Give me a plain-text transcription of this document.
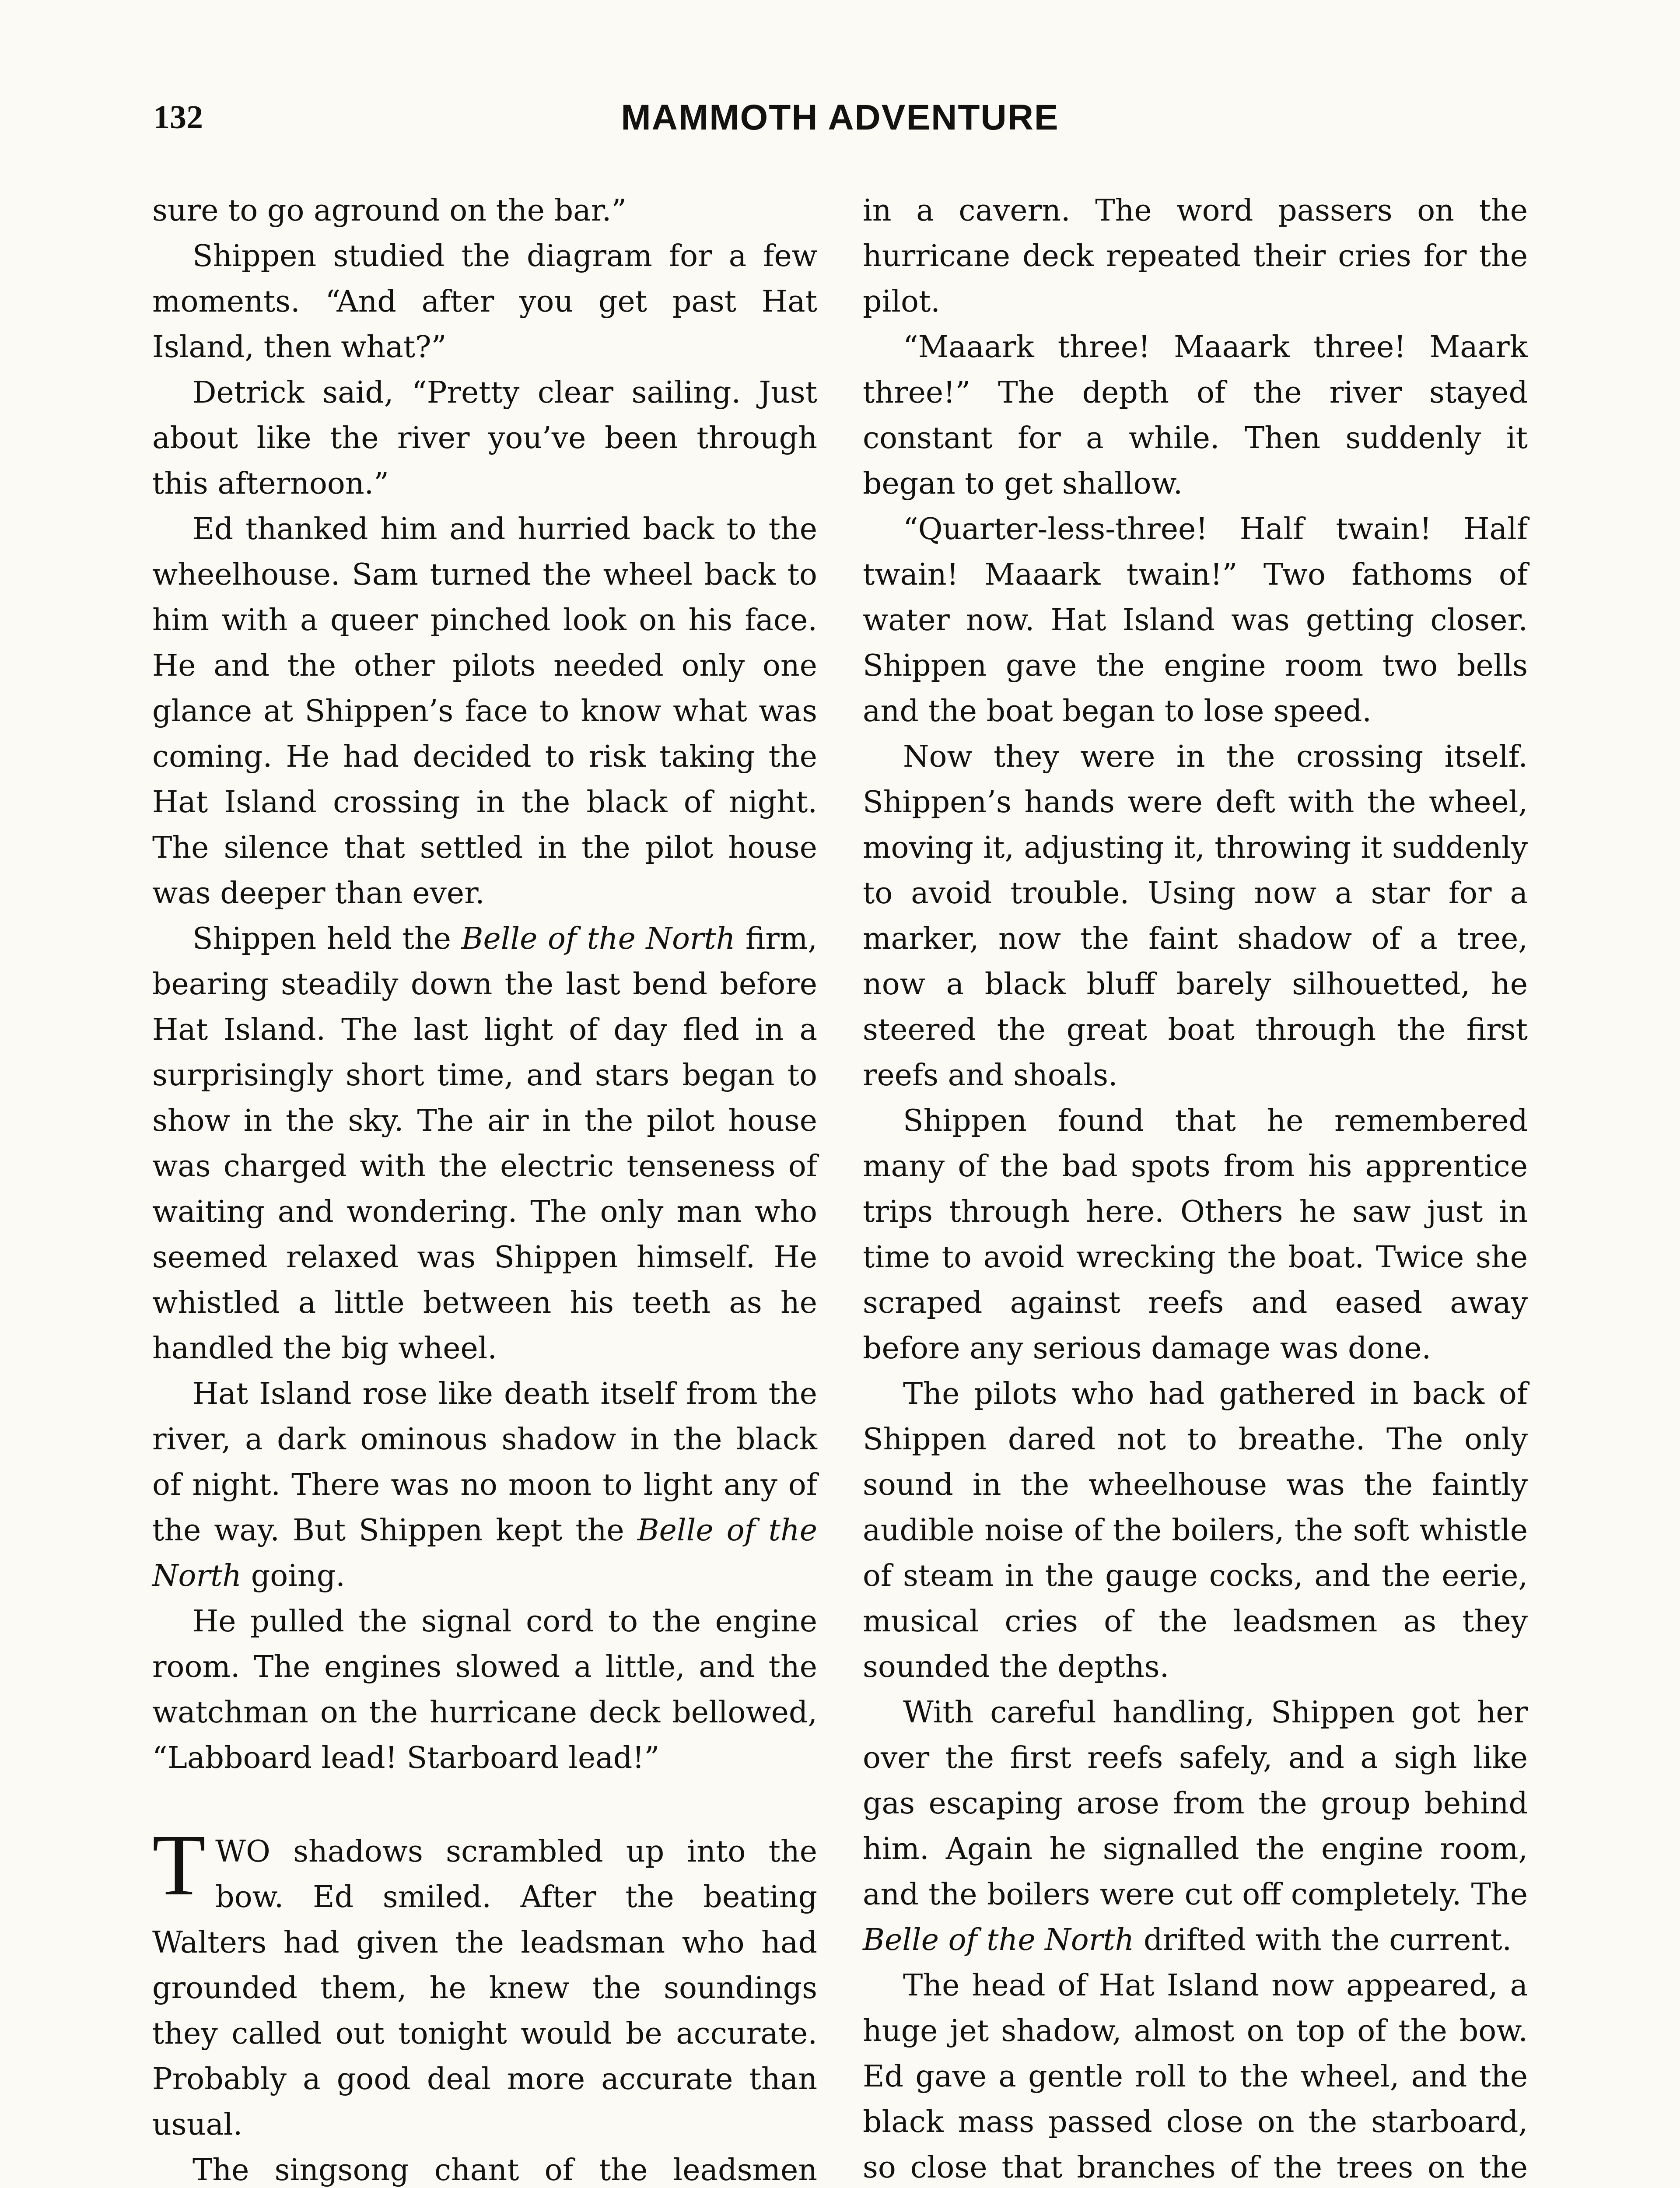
132	MAMMOTH ADVENTURE

sure to go aground on the bar.”

Shippen studied the diagram for a few moments. “And after you get past Hat Island, then what?”

Detrick said, “Pretty clear sailing. Just about like the river you’ve been through this afternoon.”

Ed thanked him and hurried back to the wheelhouse. Sam turned the wheel back to him with a queer pinched look on his face. He and the other pilots needed only one glance at Shippen’s face to know what was coming. He had decided to risk taking the Hat Island crossing in the black of night. The silence that settled in the pilot house was deeper than ever.

Shippen held the Belle of the North firm, bearing steadily down the last bend before Hat Island. The last light of day fled in a surprisingly short time, and stars began to show in the sky. The air in the pilot house was charged with the electric tenseness of waiting and wondering. The only man who seemed relaxed was Shippen himself. He whistled a little between his teeth as he handled the big wheel.

Hat Island rose like death itself from the river, a dark ominous shadow in the black of night. There was no moon to light any of the way. But Shippen kept the Belle of the North going.

He pulled the signal cord to the engine room. The engines slowed a little, and the watchman on the hurricane deck bellowed, “Labboard lead! Starboard lead!”

TWO shadows scrambled up into the bow. Ed smiled. After the beating Walters had given the leadsman who had grounded them, he knew the soundings they called out tonight would be accurate. Probably a good deal more accurate than usual.

The singsong chant of the leadsmen

in a cavern. The word passers on the hurricane deck repeated their cries for the pilot.

“Maaark three! Maaark three! Maark three!” The depth of the river stayed constant for a while. Then suddenly it began to get shallow.

“Quarter-less-three! Half twain! Half twain! Maaark twain!” Two fathoms of water now. Hat Island was getting closer. Shippen gave the engine room two bells and the boat began to lose speed.

Now they were in the crossing itself. Shippen’s hands were deft with the wheel, moving it, adjusting it, throwing it suddenly to avoid trouble. Using now a star for a marker, now the faint shadow of a tree, now a black bluff barely silhouetted, he steered the great boat through the first reefs and shoals.

Shippen found that he remembered many of the bad spots from his apprentice trips through here. Others he saw just in time to avoid wrecking the boat. Twice she scraped against reefs and eased away before any serious damage was done.

The pilots who had gathered in back of Shippen dared not to breathe. The only sound in the wheelhouse was the faintly audible noise of the boilers, the soft whistle of steam in the gauge cocks, and the eerie, musical cries of the leadsmen as they sounded the depths.

With careful handling, Shippen got her over the first reefs safely, and a sigh like gas escaping arose from the group behind him. Again he signalled the engine room, and the boilers were cut off completely. The Belle of the North drifted with the current.

The head of Hat Island now appeared, a huge jet shadow, almost on top of the bow. Ed gave a gentle roll to the wheel, and the black mass passed close on the starboard, so close that branches of the trees on the
